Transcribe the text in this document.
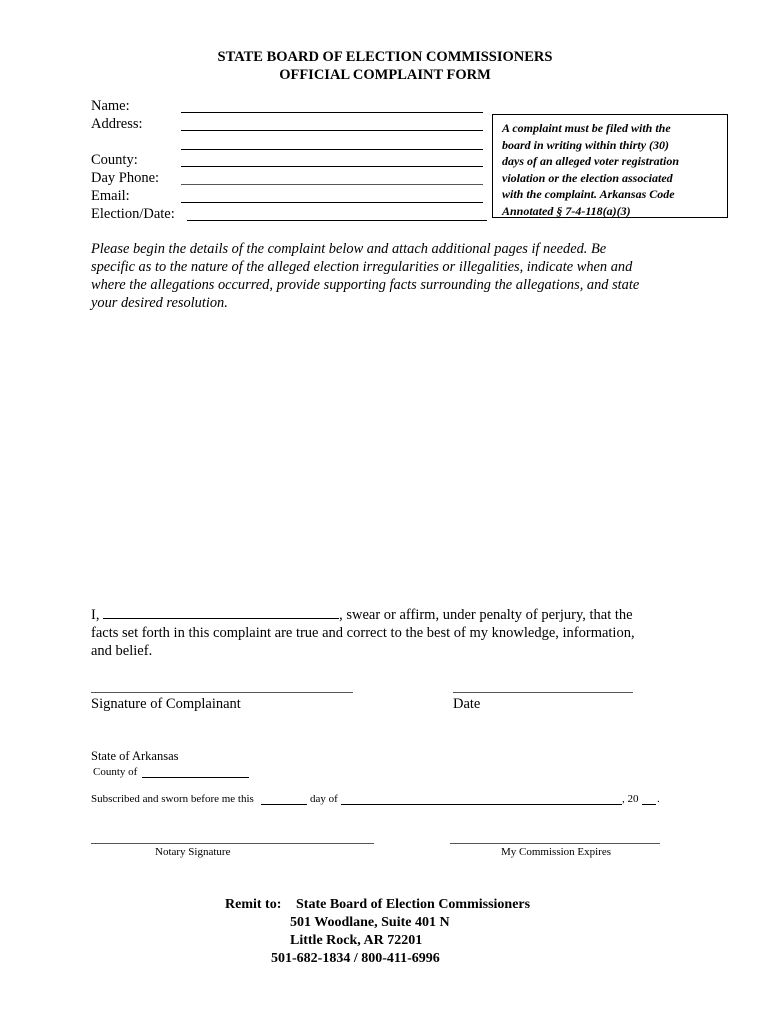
STATE BOARD OF ELECTION COMMISSIONERS
OFFICIAL COMPLAINT FORM
Name:
Address:
County:
Day Phone:
Email:
Election/Date:
A complaint must be filed with the
board in writing within thirty (30)
days of an alleged voter registration
violation or the election associated
with the complaint. Arkansas Code
Annotated § 7-4-118(a)(3)
Please begin the details of the complaint below and attach additional pages if needed. Be
specific as to the nature of the alleged election irregularities or illegalities, indicate when and
where the allegations occurred, provide supporting facts surrounding the allegations, and state
your desired resolution.
I,	, swear or affirm, under penalty of perjury, that the
facts set forth in this complaint are true and correct to the best of my knowledge, information,
and belief.
Signature of Complainant	Date
State of Arkansas
County of
Subscribed and sworn before me this	day of	, 20 .
Notary Signature	My Commission Expires
Remit to: State Board of Election Commissioners
501 Woodlane, Suite 401 N
Little Rock, AR 72201
501-682-1834 / 800-411-6996
